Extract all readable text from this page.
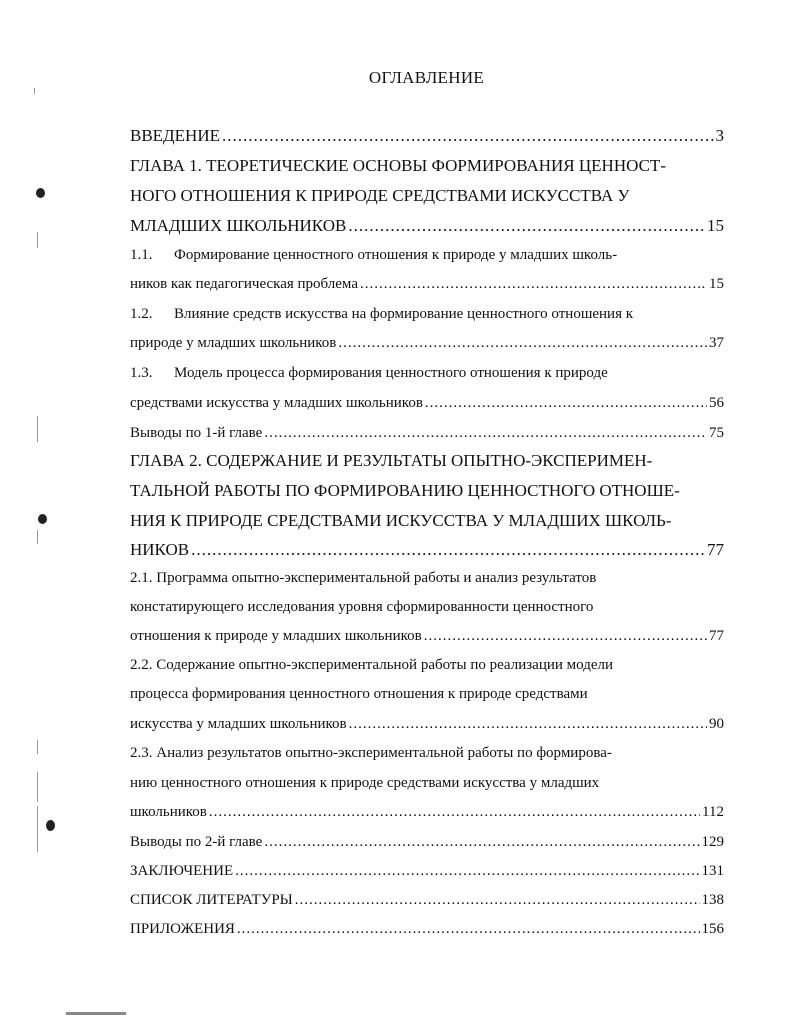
ОГЛАВЛЕНИЕ
ВВЕДЕНИЕ .....	3
ГЛАВА 1. ТЕОРЕТИЧЕСКИЕ ОСНОВЫ ФОРМИРОВАНИЯ ЦЕННОСТ-
НОГО ОТНОШЕНИЯ К ПРИРОДЕ СРЕДСТВАМИ ИСКУССТВА У
МЛАДШИХ ШКОЛЬНИКОВ .....	15
1.1. Формирование ценностного отношения к природе у младших школь-
ников как педагогическая проблема .....	. 15
1.2. Влияние средств искусства на формирование ценностного отношения к
природе у младших школьников .....	37
1.3. Модель процесса формирования ценностного отношения к природе
средствами искусства у младших школьников .....	56
Выводы по 1-й главе .....	75
ГЛАВА 2. СОДЕРЖАНИЕ И РЕЗУЛЬТАТЫ ОПЫТНО-ЭКСПЕРИМЕН-
ТАЛЬНОЙ РАБОТЫ ПО ФОРМИРОВАНИЮ ЦЕННОСТНОГО ОТНОШЕ-
НИЯ К ПРИРОДЕ СРЕДСТВАМИ ИСКУССТВА У МЛАДШИХ ШКОЛЬ-
НИКОВ .....	77
2.1. Программа опытно-экспериментальной работы и анализ результатов
констатирующего исследования уровня сформированности ценностного
отношения к природе у младших школьников .....	77
2.2. Содержание опытно-экспериментальной работы по реализации модели
процесса формирования ценностного отношения к природе средствами
искусства у младших школьников .....	90
2.3. Анализ результатов опытно-экспериментальной работы по формирова-
нию ценностного отношения к природе средствами искусства у младших
школьников .....	112
Выводы по 2-й главе .....	129
ЗАКЛЮЧЕНИЕ .....	131
СПИСОК ЛИТЕРАТУРЫ .....	138
ПРИЛОЖЕНИЯ .....	156
